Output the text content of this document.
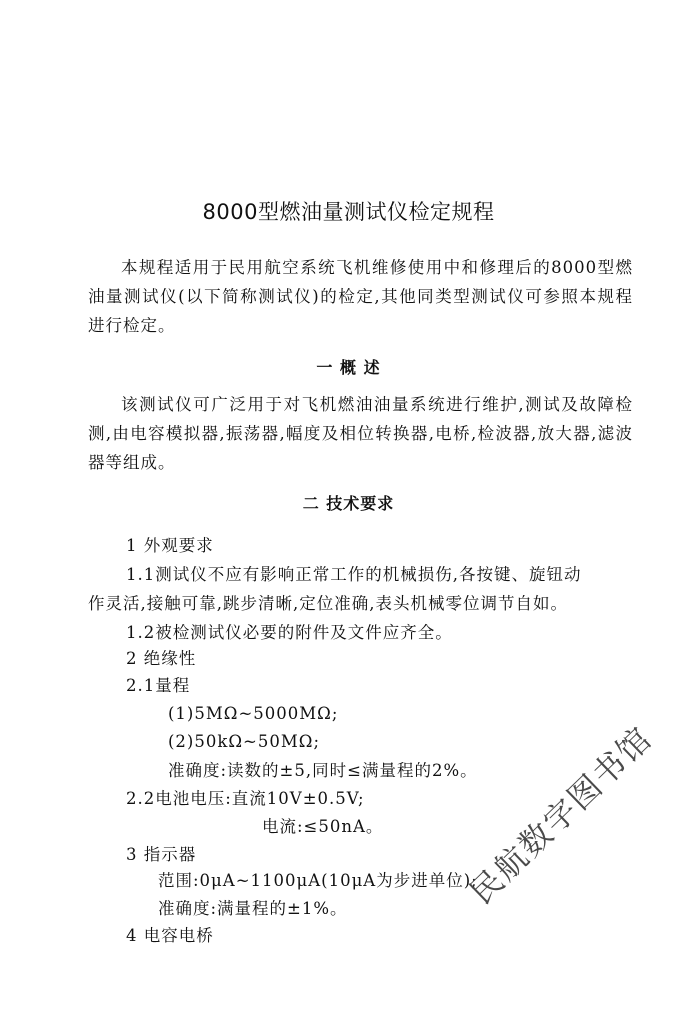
8000型燃油量测试仪检定规程

本规程适用于民用航空系统飞机维修使用中和修理后的8000型燃油量测试仪(以下简称测试仪)的检定,其他同类型测试仪可参照本规程进行检定。

一 概 述

该测试仪可广泛用于对飞机燃油油量系统进行维护,测试及故障检测,由电容模拟器,振荡器,幅度及相位转换器,电桥,检波器,放大器,滤波器等组成。

二 技术要求
1 外观要求
1.1测试仪不应有影响正常工作的机械损伤,各按键、旋钮动
作灵活,接触可靠,跳步清晰,定位准确,表头机械零位调节自如。
1.2被检测试仪必要的附件及文件应齐全。
2 绝缘性
2.1量程
(1)5MΩ~5000MΩ;
(2)50kΩ~50MΩ;
准确度:读数的±5,同时≤满量程的2%。
2.2电池电压:直流10V±0.5V;
电流:≤50nA。
3 指示器
范围:0μA~1100μA(10μA为步进单位);
准确度:满量程的±1%。
4 电容电桥
民航数字图书馆
